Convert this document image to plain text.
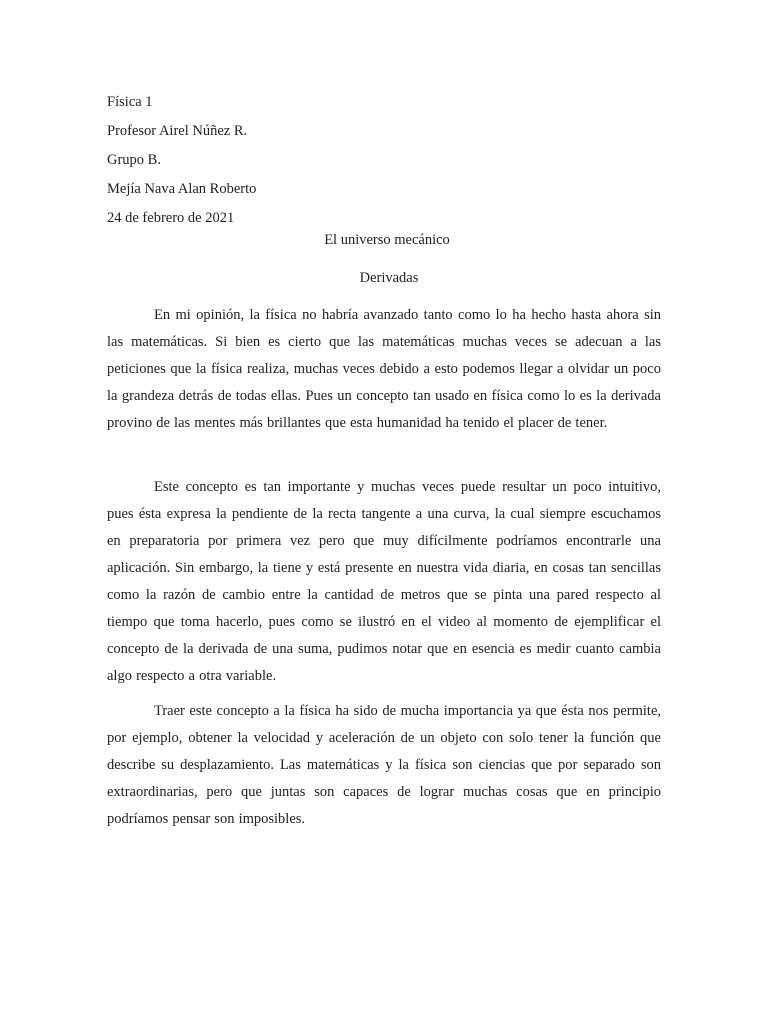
Física 1
Profesor Airel Núñez R.
Grupo B.
Mejía Nava Alan Roberto
24 de febrero de 2021
El universo mecánico
Derivadas

En mi opinión, la física no habría avanzado tanto como lo ha hecho hasta ahora sin las matemáticas. Si bien es cierto que las matemáticas muchas veces se adecuan a las peticiones que la física realiza, muchas veces debido a esto podemos llegar a olvidar un poco la grandeza detrás de todas ellas. Pues un concepto tan usado en física como lo es la derivada provino de las mentes más brillantes que esta humanidad ha tenido el placer de tener.

Este concepto es tan importante y muchas veces puede resultar un poco intuitivo, pues ésta expresa la pendiente de la recta tangente a una curva, la cual siempre escuchamos en preparatoria por primera vez pero que muy difícilmente podríamos encontrarle una aplicación. Sin embargo, la tiene y está presente en nuestra vida diaria, en cosas tan sencillas como la razón de cambio entre la cantidad de metros que se pinta una pared respecto al tiempo que toma hacerlo, pues como se ilustró en el video al momento de ejemplificar el concepto de la derivada de una suma, pudimos notar que en esencia es medir cuanto cambia algo respecto a otra variable.

Traer este concepto a la física ha sido de mucha importancia ya que ésta nos permite, por ejemplo, obtener la velocidad y aceleración de un objeto con solo tener la función que describe su desplazamiento. Las matemáticas y la física son ciencias que por separado son extraordinarias, pero que juntas son capaces de lograr muchas cosas que en principio podríamos pensar son imposibles.
